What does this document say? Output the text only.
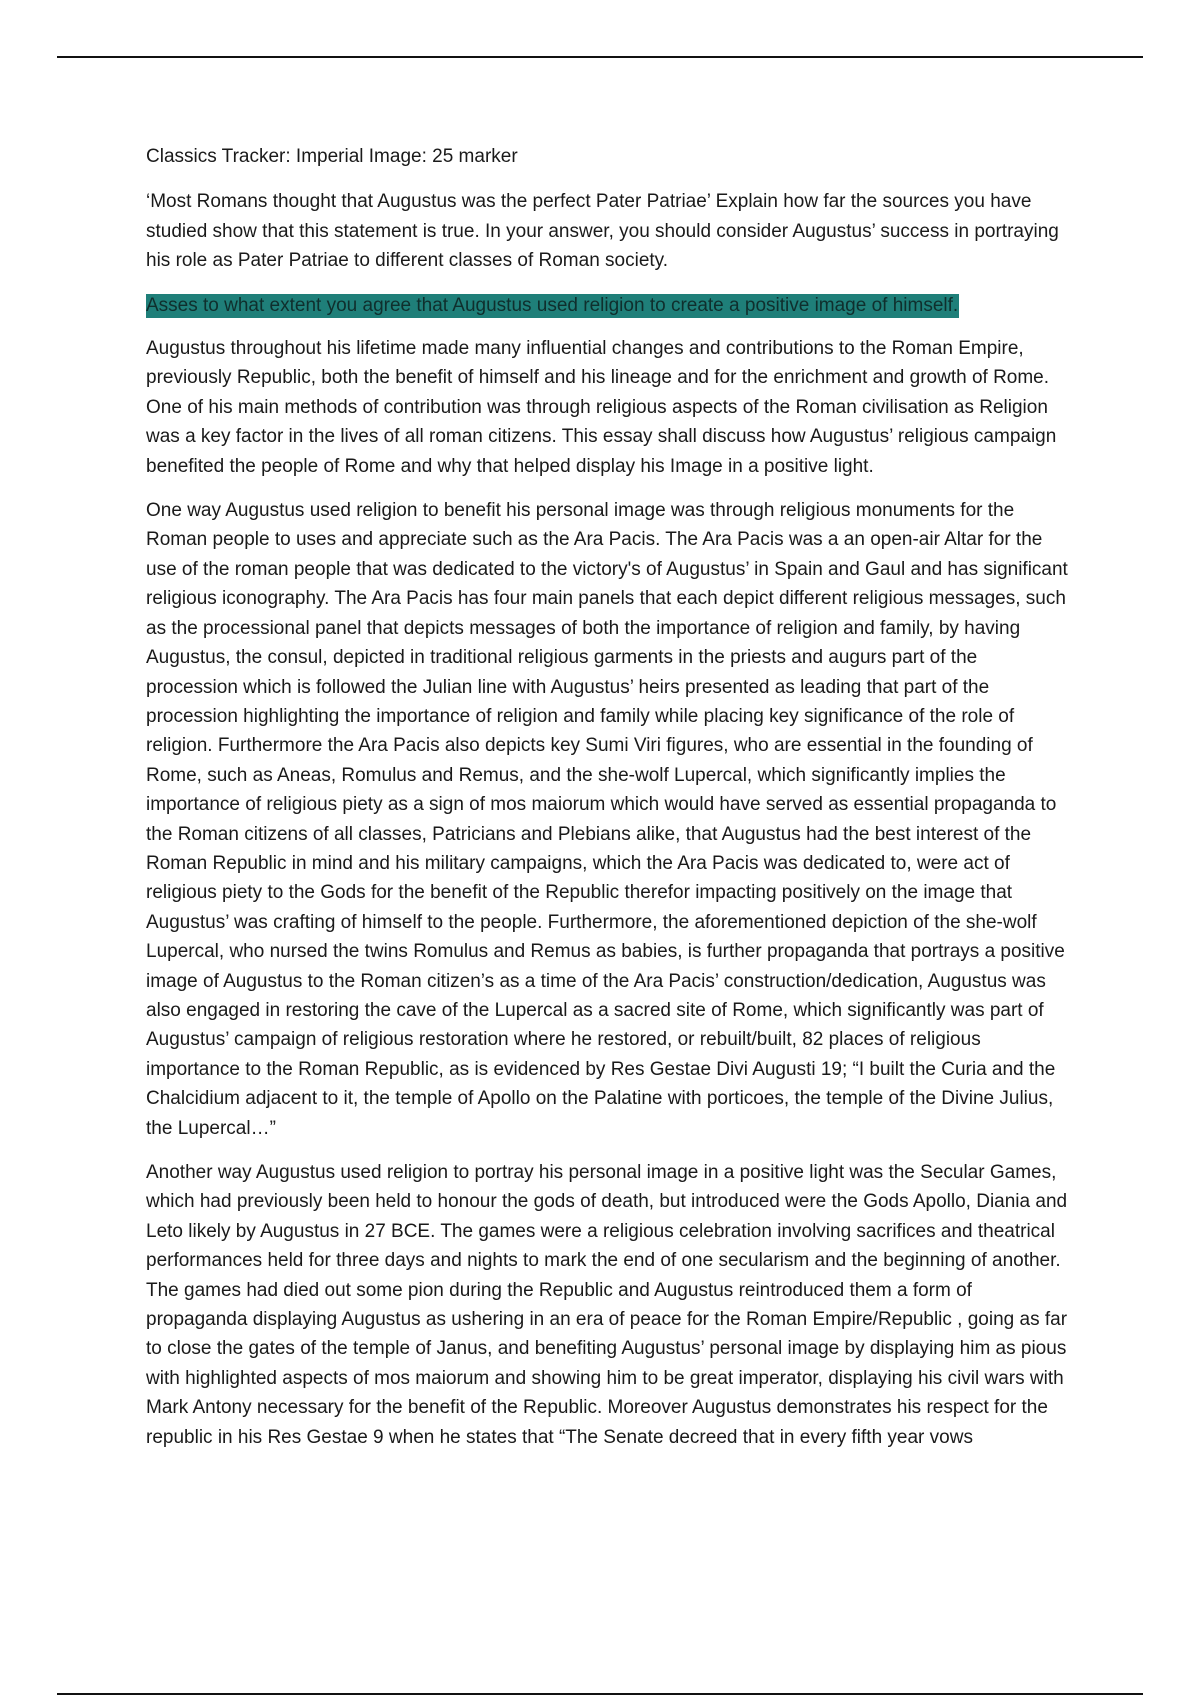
Classics Tracker: Imperial Image: 25 marker

‘Most Romans thought that Augustus was the perfect Pater Patriae’ Explain how far the sources you have studied show that this statement is true. In your answer, you should consider Augustus’ success in portraying his role as Pater Patriae to different classes of Roman society.

Asses to what extent you agree that Augustus used religion to create a positive image of himself.

Augustus throughout his lifetime made many influential changes and contributions to the Roman Empire, previously Republic, both the benefit of himself and his lineage and for the enrichment and growth of Rome. One of his main methods of contribution was through religious aspects of the Roman civilisation as Religion was a key factor in the lives of all roman citizens. This essay shall discuss how Augustus’ religious campaign benefited the people of Rome and why that helped display his Image in a positive light.

One way Augustus used religion to benefit his personal image was through religious monuments for the Roman people to uses and appreciate such as the Ara Pacis. The Ara Pacis was a an open-air Altar for the use of the roman people that was dedicated to the victory's of Augustus’ in Spain and Gaul and has significant religious iconography. The Ara Pacis has four main panels that each depict different religious messages, such as the processional panel that depicts messages of both the importance of religion and family, by having Augustus, the consul, depicted in traditional religious garments in the priests and augurs part of the procession which is followed the Julian line with Augustus’ heirs presented as leading that part of the procession highlighting the importance of religion and family while placing key significance of the role of religion. Furthermore the Ara Pacis also depicts key Sumi Viri figures, who are essential in the founding of Rome, such as Aneas, Romulus and Remus, and the she-wolf Lupercal, which significantly implies the importance of religious piety as a sign of mos maiorum which would have served as essential propaganda to the Roman citizens of all classes, Patricians and Plebians alike, that Augustus had the best interest of the Roman Republic in mind and his military campaigns, which the Ara Pacis was dedicated to, were act of religious piety to the Gods for the benefit of the Republic therefor impacting positively on the image that Augustus’ was crafting of himself to the people. Furthermore, the aforementioned depiction of the she-wolf Lupercal, who nursed the twins Romulus and Remus as babies, is further propaganda that portrays a positive image of Augustus to the Roman citizen’s as a time of the Ara Pacis’ construction/dedication, Augustus was also engaged in restoring the cave of the Lupercal as a sacred site of Rome, which significantly was part of Augustus’ campaign of religious restoration where he restored, or rebuilt/built, 82 places of religious importance to the Roman Republic, as is evidenced by Res Gestae Divi Augusti 19; “I built the Curia and the Chalcidium adjacent to it, the temple of Apollo on the Palatine with porticoes, the temple of the Divine Julius, the Lupercal…”

Another way Augustus used religion to portray his personal image in a positive light was the Secular Games, which had previously been held to honour the gods of death, but introduced were the Gods Apollo, Diania and Leto likely by Augustus in 27 BCE. The games were a religious celebration involving sacrifices and theatrical performances held for three days and nights to mark the end of one secularism and the beginning of another. The games had died out some pion during the Republic and Augustus reintroduced them a form of propaganda displaying Augustus as ushering in an era of peace for the Roman Empire/Republic , going as far to close the gates of the temple of Janus, and benefiting Augustus’ personal image by displaying him as pious with highlighted aspects of mos maiorum and showing him to be great imperator, displaying his civil wars with Mark Antony necessary for the benefit of the Republic. Moreover Augustus demonstrates his respect for the republic in his Res Gestae 9 when he states that “The Senate decreed that in every fifth year vows
